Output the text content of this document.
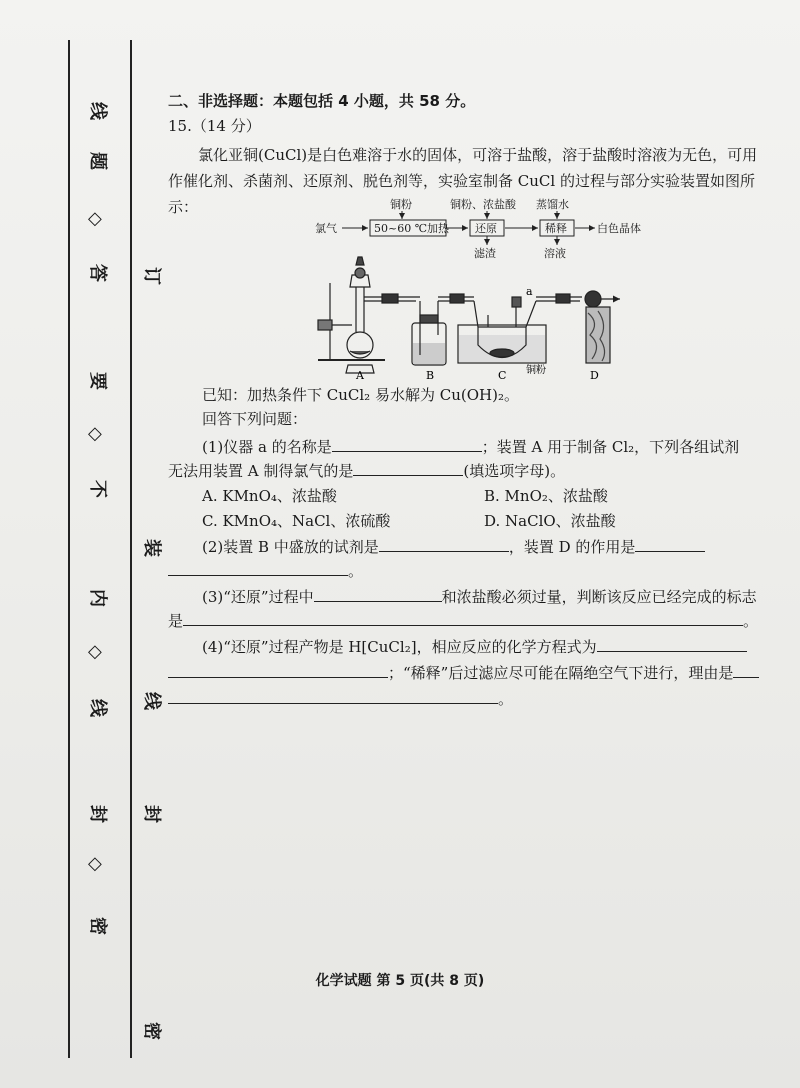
线
题
◇
答
要
◇
不
内
◇
线
封
◇
密
线
订
装
封
密
二、非选择题：本题包括 4 小题，共 58 分。
15.（14 分）
氯化亚铜(CuCl)是白色难溶于水的固体，可溶于盐酸，溶于盐酸时溶液为无色，可用
作催化剂、杀菌剂、还原剂、脱色剂等，实验室制备 CuCl 的过程与部分实验装置如图所示：
氯气	50~60 ℃加热
铜粉
还原
铜粉、浓盐酸
滤渣
稀释
蒸馏水
溶液
白色晶体
a
A	B	C 铜粉	D
已知：加热条件下 CuCl₂ 易水解为 Cu(OH)₂。
回答下列问题：
(1)仪器 a 的名称是	；装置 A 用于制备 Cl₂，下列各组试剂
无法用装置 A 制得氯气的是	(填选项字母)。
A. KMnO₄、浓盐酸	B. MnO₂、浓盐酸
C. KMnO₄、NaCl、浓硫酸	D. NaClO、浓盐酸
(2)装置 B 中盛放的试剂是	，装置 D 的作用是
。
(3)“还原”过程中	和浓盐酸必须过量，判断该反应已经完成的标志
是	。
(4)“还原”过程产物是 H[CuCl₂]，相应反应的化学方程式为
；“稀释”后过滤应尽可能在隔绝空气下进行，理由是
。
化学试题 第 5 页(共 8 页)
